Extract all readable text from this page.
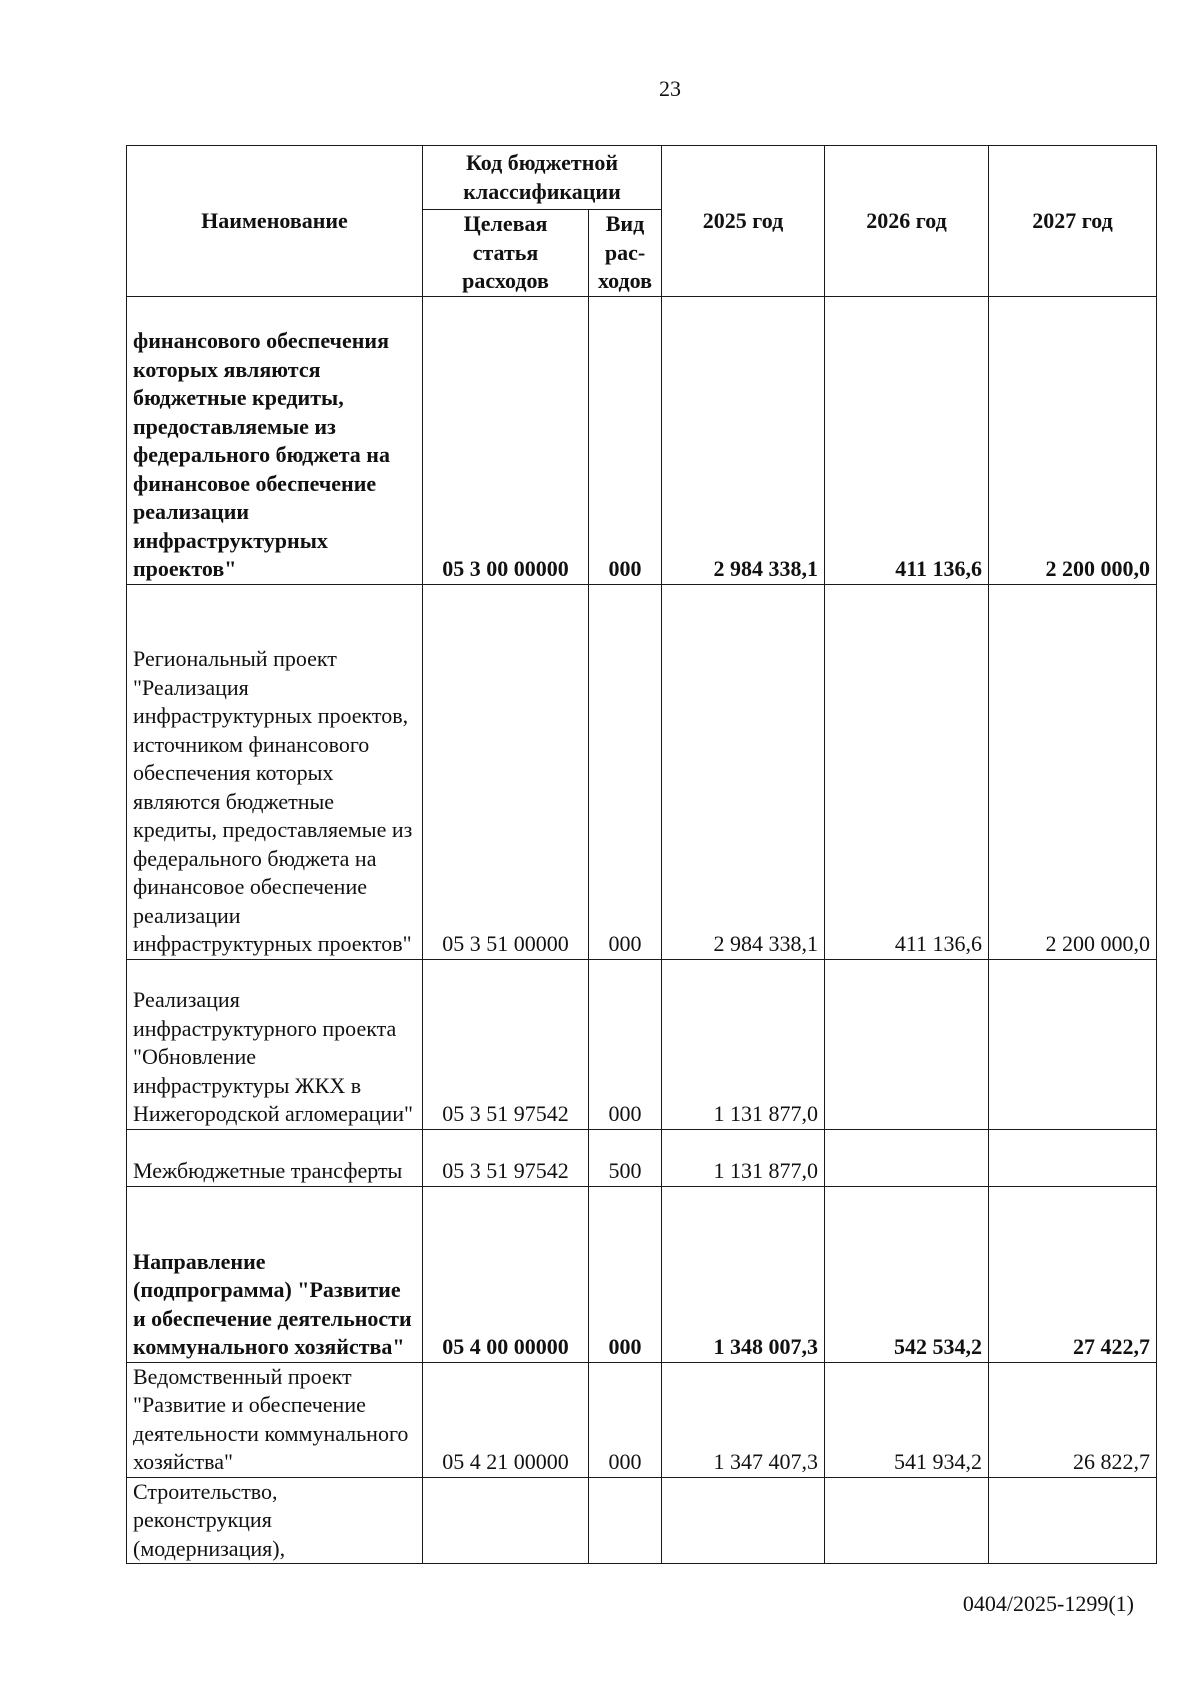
23
Наименование	Код бюджетной классификации		2025 год	2026 год	2027 год
	Целевая статья расходов	Вид рас- ходов			
финансового обеспечения которых являются бюджетные кредиты, предоставляемые из федерального бюджета на финансовое обеспечение реализации инфраструктурных проектов"	05 3 00 00000	000	2 984 338,1	411 136,6	2 200 000,0
Региональный проект "Реализация инфраструктурных проектов, источником финансового обеспечения которых являются бюджетные кредиты, предоставляемые из федерального бюджета на финансовое обеспечение реализации инфраструктурных проектов"	05 3 51 00000	000	2 984 338,1	411 136,6	2 200 000,0
Реализация инфраструктурного проекта "Обновление инфраструктуры ЖКХ в Нижегородской агломерации"	05 3 51 97542	000	1 131 877,0		
Межбюджетные трансферты	05 3 51 97542	500	1 131 877,0		
Направление (подпрограмма) "Развитие и обеспечение деятельности коммунального хозяйства"	05 4 00 00000	000	1 348 007,3	542 534,2	27 422,7
Ведомственный проект "Развитие и обеспечение деятельности коммунального хозяйства"	05 4 21 00000	000	1 347 407,3	541 934,2	26 822,7
Строительство, реконструкция (модернизация),					
0404/2025-1299(1)
